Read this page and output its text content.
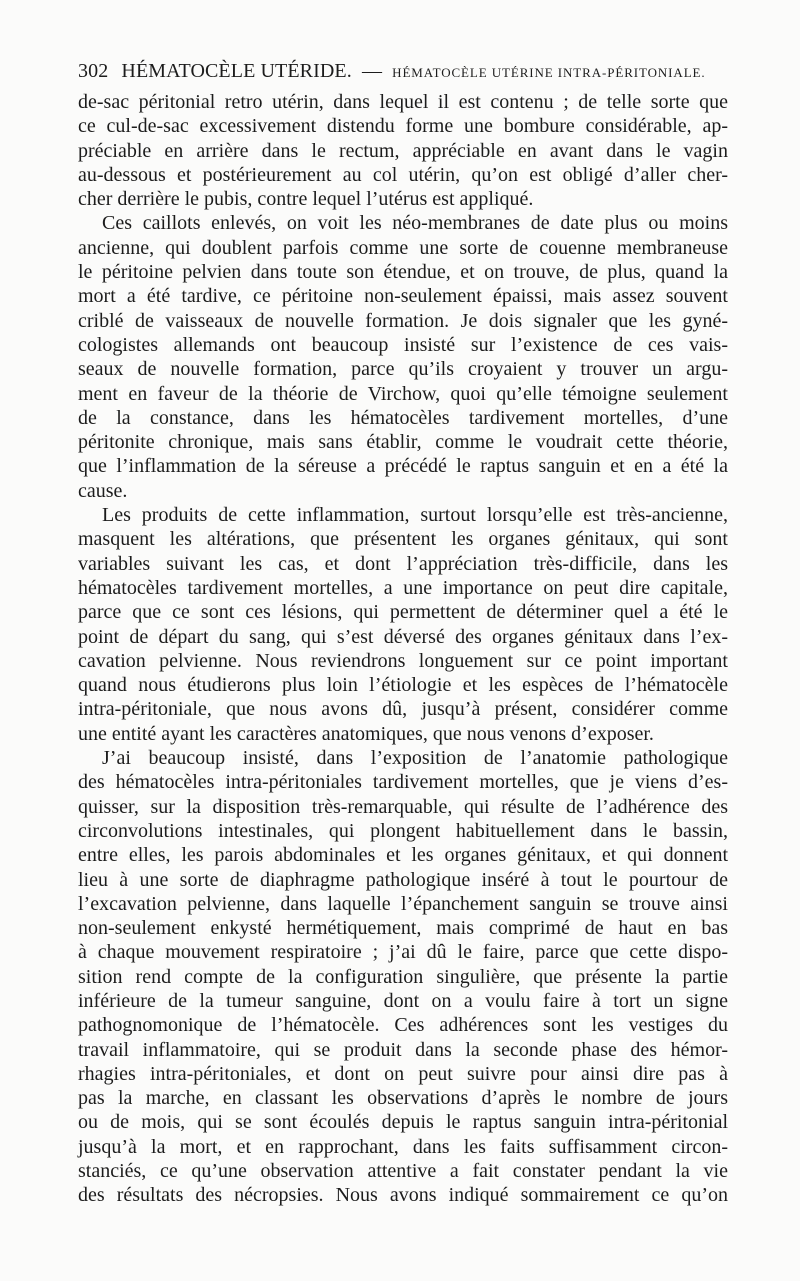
302 HÉMATOCÈLE UTÉRIDE. — HÉMATOCÈLE UTÉRINE INTRA-PÉRITONIALE.

de-sac péritonial retro utérin, dans lequel il est contenu ; de telle sorte que
ce cul-de-sac excessivement distendu forme une bombure considérable, ap-
préciable en arrière dans le rectum, appréciable en avant dans le vagin
au-dessous et postérieurement au col utérin, qu’on est obligé d’aller cher-
cher derrière le pubis, contre lequel l’utérus est appliqué.

Ces caillots enlevés, on voit les néo-membranes de date plus ou moins
ancienne, qui doublent parfois comme une sorte de couenne membraneuse
le péritoine pelvien dans toute son étendue, et on trouve, de plus, quand la
mort a été tardive, ce péritoine non-seulement épaissi, mais assez souvent
criblé de vaisseaux de nouvelle formation. Je dois signaler que les gyné-
cologistes allemands ont beaucoup insisté sur l’existence de ces vais-
seaux de nouvelle formation, parce qu’ils croyaient y trouver un argu-
ment en faveur de la théorie de Virchow, quoi qu’elle témoigne seulement
de la constance, dans les hématocèles tardivement mortelles, d’une
péritonite chronique, mais sans établir, comme le voudrait cette théorie,
que l’inflammation de la séreuse a précédé le raptus sanguin et en a été la
cause.

Les produits de cette inflammation, surtout lorsqu’elle est très-ancienne,
masquent les altérations, que présentent les organes génitaux, qui sont
variables suivant les cas, et dont l’appréciation très-difficile, dans les
hématocèles tardivement mortelles, a une importance on peut dire capitale,
parce que ce sont ces lésions, qui permettent de déterminer quel a été le
point de départ du sang, qui s’est déversé des organes génitaux dans l’ex-
cavation pelvienne. Nous reviendrons longuement sur ce point important
quand nous étudierons plus loin l’étiologie et les espèces de l’hématocèle
intra-péritoniale, que nous avons dû, jusqu’à présent, considérer comme
une entité ayant les caractères anatomiques, que nous venons d’exposer.

J’ai beaucoup insisté, dans l’exposition de l’anatomie pathologique
des hématocèles intra-péritoniales tardivement mortelles, que je viens d’es-
quisser, sur la disposition très-remarquable, qui résulte de l’adhérence des
circonvolutions intestinales, qui plongent habituellement dans le bassin,
entre elles, les parois abdominales et les organes génitaux, et qui donnent
lieu à une sorte de diaphragme pathologique inséré à tout le pourtour de
l’excavation pelvienne, dans laquelle l’épanchement sanguin se trouve ainsi
non-seulement enkysté hermétiquement, mais comprimé de haut en bas
à chaque mouvement respiratoire ; j’ai dû le faire, parce que cette dispo-
sition rend compte de la configuration singulière, que présente la partie
inférieure de la tumeur sanguine, dont on a voulu faire à tort un signe
pathognomonique de l’hématocèle. Ces adhérences sont les vestiges du
travail inflammatoire, qui se produit dans la seconde phase des hémor-
rhagies intra-péritoniales, et dont on peut suivre pour ainsi dire pas à
pas la marche, en classant les observations d’après le nombre de jours
ou de mois, qui se sont écoulés depuis le raptus sanguin intra-péritonial
jusqu’à la mort, et en rapprochant, dans les faits suffisamment circon-
stanciés, ce qu’une observation attentive a fait constater pendant la vie
des résultats des nécropsies. Nous avons indiqué sommairement ce qu’on
